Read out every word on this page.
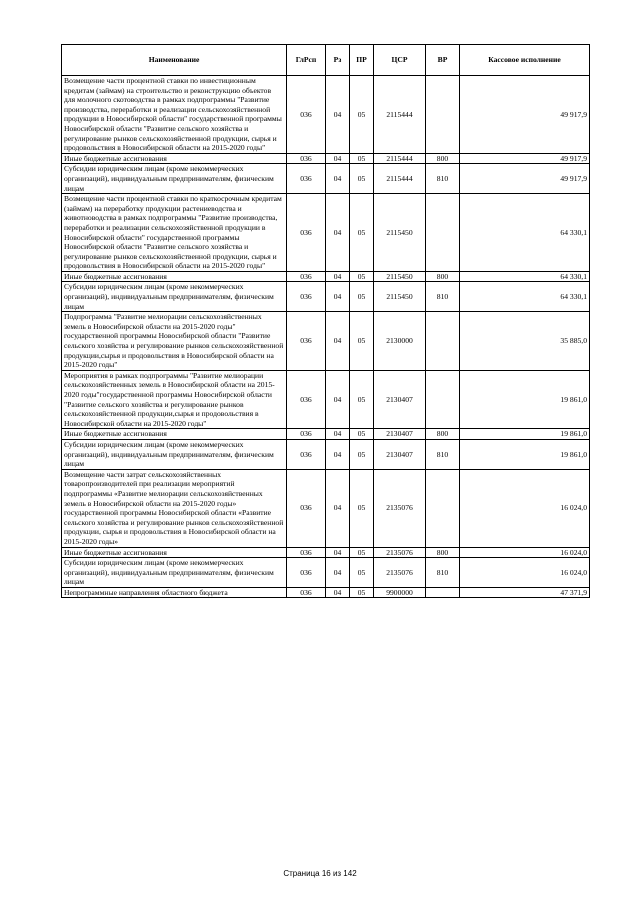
Наименование	ГлРсп	Рз	ПР	ЦСР	ВР	Кассовое исполнение
Возмещение части процентной ставки по инвестиционным кредитам (займам) на строительство и реконструкцию объектов для молочного скотоводства в рамках подпрограммы "Развитие производства, переработки и реализации сельскохозяйственной продукции в Новосибирской области" государственной программы Новосибирской области "Развитие сельского хозяйства и регулирование рынков сельскохозяйственной продукции, сырья и продовольствия в Новосибирской области на 2015-2020 годы"	036	04	05	2115444		49 917,9
Иные бюджетные ассигнования	036	04	05	2115444	800	49 917,9
Субсидии юридическим лицам (кроме некоммерческих организаций), индивидуальным предпринимателям, физическим лицам	036	04	05	2115444	810	49 917,9
Возмещение части процентной ставки по краткосрочным кредитам (займам) на переработку продукции растениеводства и животноводства в рамках подпрограммы "Развитие производства, переработки и реализации сельскохозяйственной продукции в Новосибирской области" государственной программы Новосибирской области "Развитие сельского хозяйства и регулирование рынков сельскохозяйственной продукции, сырья и продовольствия в Новосибирской области на 2015-2020 годы"	036	04	05	2115450		64 330,1
Иные бюджетные ассигнования	036	04	05	2115450	800	64 330,1
Субсидии юридическим лицам (кроме некоммерческих организаций), индивидуальным предпринимателям, физическим лицам	036	04	05	2115450	810	64 330,1
Подпрограмма "Развитие мелиорации сельскохозяйственных земель в Новосибирской области на 2015-2020 годы" государственной программы Новосибирской области "Развитие сельского хозяйства и регулирование рынков сельскохозяйственной продукции,сырья и продовольствия в Новосибирской области на 2015-2020 годы"	036	04	05	2130000		35 885,0
Мероприятия в рамках подпрограммы "Развитие мелиорации сельскохозяйственных земель в Новосибирской области на 2015-2020 годы"государственной программы Новосибирской области "Развитие сельского хозяйства и регулирование рынков сельскохозяйственной продукции,сырья и продовольствия в Новосибирской области на 2015-2020 годы"	036	04	05	2130407		19 861,0
Иные бюджетные ассигнования	036	04	05	2130407	800	19 861,0
Субсидии юридическим лицам (кроме некоммерческих организаций), индивидуальным предпринимателям, физическим лицам	036	04	05	2130407	810	19 861,0
Возмещение части затрат сельскохозяйственных товаропроизводителей при реализации мероприятий подпрограммы «Развитие мелиорации сельскохозяйственных земель в Новосибирской области на 2015-2020 годы» государственной программы Новосибирской области «Развитие сельского хозяйства и регулирование рынков сельскохозяйственной продукции, сырья и продовольствия в Новосибирской области на 2015-2020 годы»	036	04	05	2135076		16 024,0
Иные бюджетные ассигнования	036	04	05	2135076	800	16 024,0
Субсидии юридическим лицам (кроме некоммерческих организаций), индивидуальным предпринимателям, физическим лицам	036	04	05	2135076	810	16 024,0
Непрограммные направления областного бюджета	036	04	05	9900000		47 371,9
Страница 16 из 142
